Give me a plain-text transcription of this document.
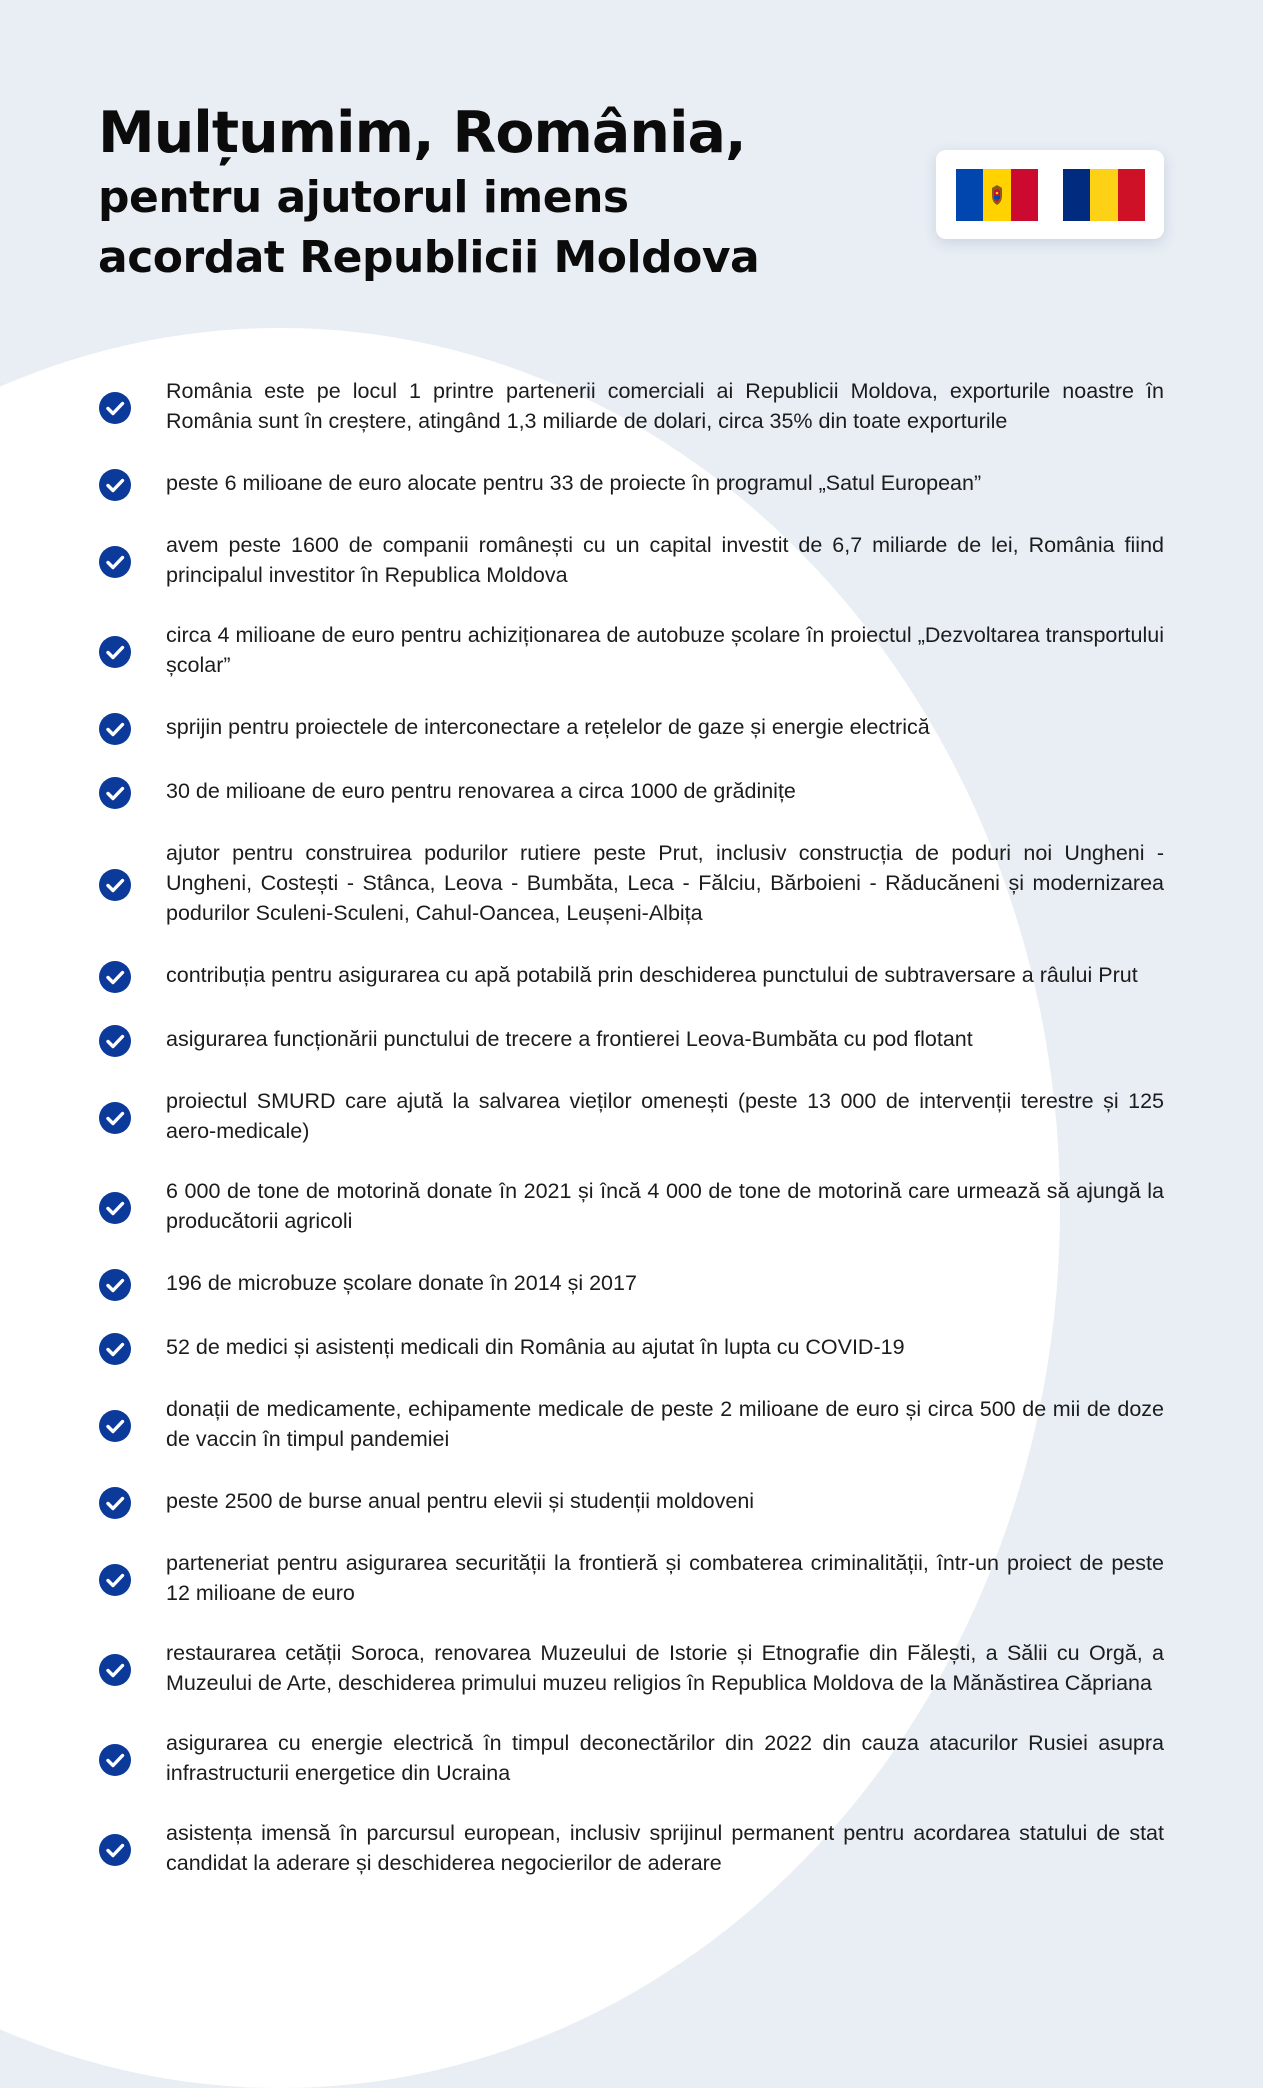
Mulțumim, România,
pentru ajutorul imens
acordat Republicii Moldova

România este pe locul 1 printre partenerii comerciali ai Republicii Moldova, exporturile noastre în România sunt în creștere, atingând 1,3 miliarde de dolari, circa 35% din toate exporturile

peste 6 milioane de euro alocate pentru 33 de proiecte în programul „Satul European”

avem peste 1600 de companii românești cu un capital investit de 6,7 miliarde de lei, România fiind principalul investitor în Republica Moldova

circa 4 milioane de euro pentru achiziționarea de autobuze școlare în proiectul „Dezvoltarea transportului școlar”

sprijin pentru proiectele de interconectare a rețelelor de gaze și energie electrică

30 de milioane de euro pentru renovarea a circa 1000 de grădinițe

ajutor pentru construirea podurilor rutiere peste Prut, inclusiv construcția de poduri noi Ungheni - Ungheni, Costești - Stânca, Leova - Bumbăta, Leca - Fălciu, Bărboieni - Răducăneni și modernizarea podurilor Sculeni-Sculeni, Cahul-Oancea, Leușeni-Albița

contribuția pentru asigurarea cu apă potabilă prin deschiderea punctului de subtraversare a râului Prut

asigurarea funcționării punctului de trecere a frontierei Leova-Bumbăta cu pod flotant

proiectul SMURD care ajută la salvarea vieților omenești (peste 13 000 de intervenții terestre și 125 aero-medicale)

6 000 de tone de motorină donate în 2021 și încă 4 000 de tone de motorină care urmează să ajungă la producătorii agricoli

196 de microbuze școlare donate în 2014 și 2017

52 de medici și asistenți medicali din România au ajutat în lupta cu COVID-19

donații de medicamente, echipamente medicale de peste 2 milioane de euro și circa 500 de mii de doze de vaccin în timpul pandemiei

peste 2500 de burse anual pentru elevii și studenții moldoveni

parteneriat pentru asigurarea securității la frontieră și combaterea criminalității, într-un proiect de peste 12 milioane de euro

restaurarea cetății Soroca, renovarea Muzeului de Istorie și Etnografie din Fălești, a Sălii cu Orgă, a Muzeului de Arte, deschiderea primului muzeu religios în Republica Moldova de la Mănăstirea Căpriana

asigurarea cu energie electrică în timpul deconectărilor din 2022 din cauza atacurilor Rusiei asupra infrastructurii energetice din Ucraina

asistența imensă în parcursul european, inclusiv sprijinul permanent pentru acordarea statului de stat candidat la aderare și deschiderea negocierilor de aderare
